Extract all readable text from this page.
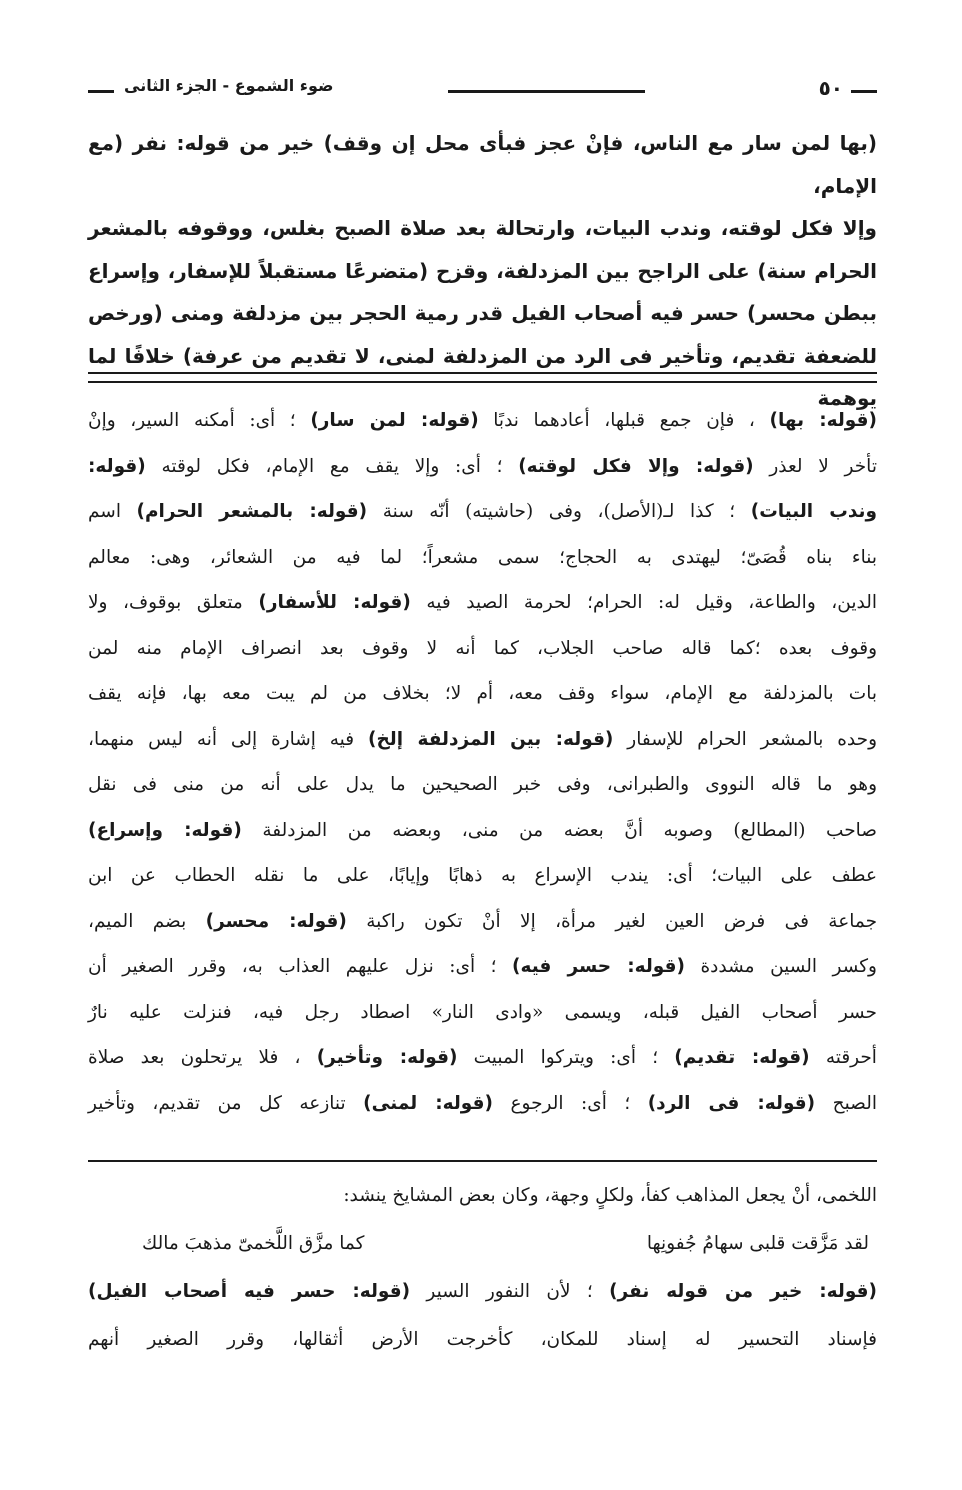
٥٠
ضوء الشموع - الجزء الثانى
(بها لمن سار مع الناس، فإنْ عجز فبأى محل إن وقف) خير من قوله: نفر (مع الإمام،
وإلا فكل لوقته، وندب البيات، وارتحالة بعد صلاة الصبح بغلس، ووقوفه بالمشعر
الحرام سنة) على الراجح بين المزدلفة، وقزح (متضرعًا مستقبلاً للإسفار، وإسراع
ببطن محسر) حسر فيه أصحاب الفيل قدر رمية الحجر بين مزدلفة ومنى (ورخص
للضعفة تقديم، وتأخير فى الرد من المزدلفة لمنى، لا تقديم من عرفة) خلافًا لما يوهمة
(قوله: بها) ، فإن جمع قبلها، أعادهما ندبًا (قوله: لمن سار) ؛ أى: أمكنه السير، وإنْ
تأخر لا لعذر (قوله: وإلا فكل لوقته) ؛ أى: وإلا يقف مع الإمام، فكل لوقته (قوله:
وندب البيات) ؛ كذا لـ(الأصل)، وفى (حاشيته) أنّه سنة (قوله: بالمشعر الحرام) اسم
بناء بناه قُصَىّ؛ ليهتدى به الحجاج؛ سمى مشعراً؛ لما فيه من الشعائر، وهى: معالم
الدين، والطاعة، وقيل له: الحرام؛ لحرمة الصيد فيه (قوله: للأسفار) متعلق بوقوف، ولا
وقوف بعده ؛كما قاله صاحب الجلاب، كما أنه لا وقوف بعد انصراف الإمام منه لمن
بات بالمزدلفة مع الإمام، سواء وقف معه، أم لا؛ بخلاف من لم يبت معه بها، فإنه يقف
وحده بالمشعر الحرام للإسفار (قوله: بين المزدلفة إلخ) فيه إشارة إلى أنه ليس منهما،
وهو ما قاله النووى والطبرانى، وفى خبر الصحيحين ما يدل على أنه من منى فى نقل
صاحب (المطالع) وصوبه أنَّ بعضه من منى، وبعضه من المزدلفة (قوله: وإسراع)
عطف على البيات؛ أى: يندب الإسراع به ذهابًا وإيابًا، على ما نقله الحطاب عن ابن
جماعة فى فرض العين لغير مرأة، إلا أنْ تكون راكبة (قوله: محسر) بضم الميم،
وكسر السين مشددة (قوله: حسر فيه) ؛ أى: نزل عليهم العذاب به، وقرر الصغير أن
حسر أصحاب الفيل قبله، ويسمى «وادى النار» اصطاد رجل فيه، فنزلت عليه نارٌ
أحرقته (قوله: تقديم) ؛ أى: ويتركوا المبيت (قوله: وتأخير) ، فلا يرتحلون بعد صلاة
الصبح (قوله: فى الرد) ؛ أى: الرجوع (قوله: لمنى) تنازعه كل من تقديم، وتأخير
اللخمى، أنْ يجعل المذاهب كفأ، ولكلٍ وجهة، وكان بعض المشايخ ينشد:
لقد مَزَّقت قلبى سهامُ جُفونِها
كما مزَّق اللَّخمىّ مذهبَ مالك
(قوله: خير من قوله نفر) ؛ لأن النفور السير (قوله: حسر فيه أصحاب الفيل)
فإسناد التحسير له إسناد للمكان، كأخرجت الأرض أثقالها، وقرر الصغير أنهم
